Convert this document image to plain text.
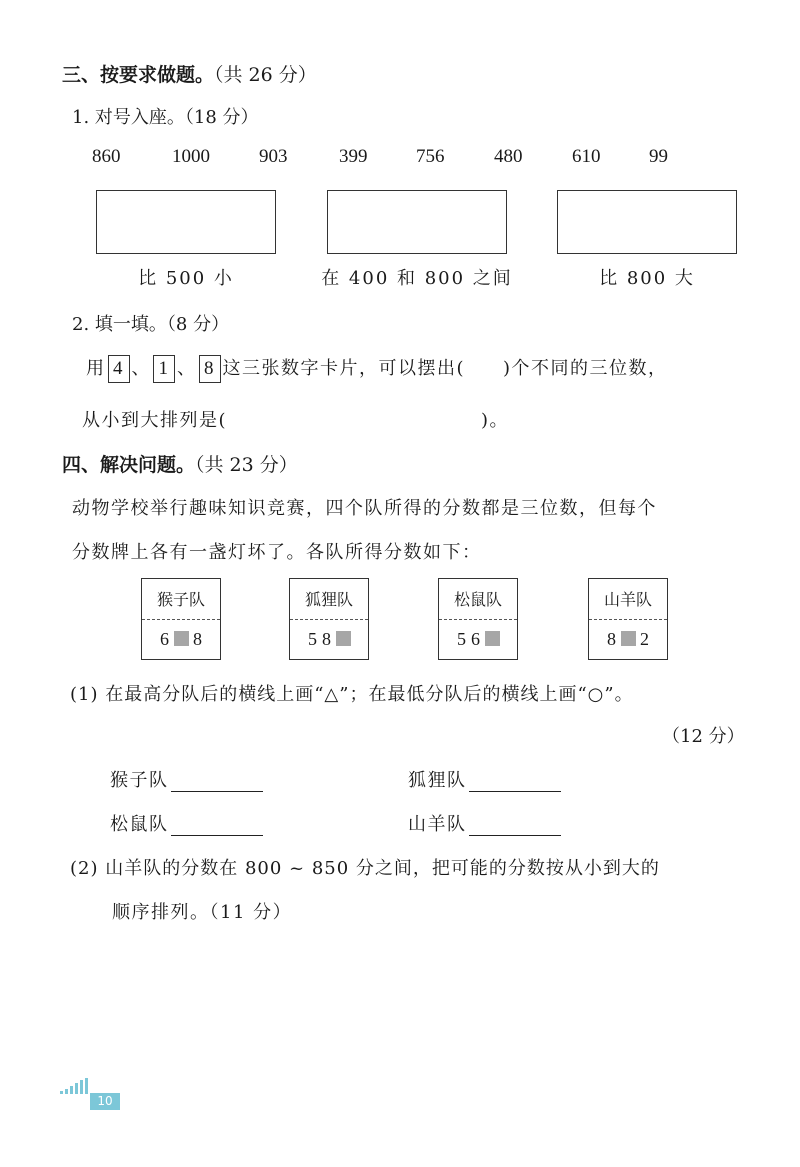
三、按要求做题。（共 26 分）
1. 对号入座。（18 分）
860	1000	903	399	756	480	610	99
比 500 小	在 400 和 800 之间	比 800 大
2. 填一填。（8 分）
用 4 、 1 、 8 这三张数字卡片，可以摆出( )个不同的三位数，
从小到大排列是(	)。
四、解决问题。（共 23 分）
动物学校举行趣味知识竞赛，四个队所得的分数都是三位数，但每个
分数牌上各有一盏灯坏了。各队所得分数如下：
猴子队
6 8
狐狸队
5 8
松鼠队
5 6
山羊队
8 2
(1) 在最高分队后的横线上画“△”；在最低分队后的横线上画“○”。
（12 分）
猴子队	狐狸队
松鼠队	山羊队
(2) 山羊队的分数在 800 ~ 850 分之间，把可能的分数按从小到大的
顺序排列。（11 分）
10
